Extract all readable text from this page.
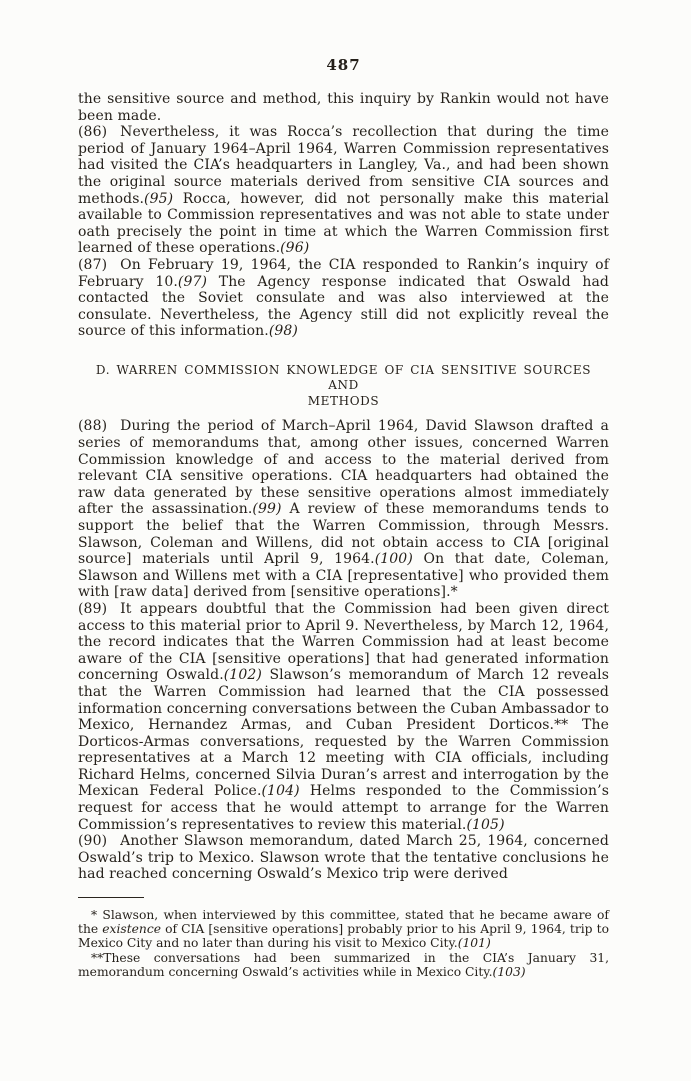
487

the sensitive source and method, this inquiry by Rankin would not have been made.

(86) Nevertheless, it was Rocca’s recollection that during the time period of January 1964–April 1964, Warren Commission representatives had visited the CIA’s headquarters in Langley, Va., and had been shown the original source materials derived from sensitive CIA sources and methods.(95) Rocca, however, did not personally make this material available to Commission representatives and was not able to state under oath precisely the point in time at which the Warren Commission first learned of these operations.(96)

(87) On February 19, 1964, the CIA responded to Rankin’s inquiry of February 10.(97) The Agency response indicated that Oswald had contacted the Soviet consulate and was also interviewed at the consulate. Nevertheless, the Agency still did not explicitly reveal the source of this information.(98)

D. WARREN COMMISSION KNOWLEDGE OF CIA SENSITIVE SOURCES AND
METHODS

(88) During the period of March–April 1964, David Slawson drafted a series of memorandums that, among other issues, concerned Warren Commission knowledge of and access to the material derived from relevant CIA sensitive operations. CIA headquarters had obtained the raw data generated by these sensitive operations almost immediately after the assassination.(99) A review of these memorandums tends to support the belief that the Warren Commission, through Messrs. Slawson, Coleman and Willens, did not obtain access to CIA [original source] materials until April 9, 1964.(100) On that date, Coleman, Slawson and Willens met with a CIA [representative] who provided them with [raw data] derived from [sensitive operations].*

(89) It appears doubtful that the Commission had been given direct access to this material prior to April 9. Nevertheless, by March 12, 1964, the record indicates that the Warren Commission had at least become aware of the CIA [sensitive operations] that had generated information concerning Oswald.(102) Slawson’s memorandum of March 12 reveals that the Warren Commission had learned that the CIA possessed information concerning conversations between the Cuban Ambassador to Mexico, Hernandez Armas, and Cuban President Dorticos.** The Dorticos-Armas conversations, requested by the Warren Commission representatives at a March 12 meeting with CIA officials, including Richard Helms, concerned Silvia Duran’s arrest and interrogation by the Mexican Federal Police.(104) Helms responded to the Commission’s request for access that he would attempt to arrange for the Warren Commission’s representatives to review this material.(105)

(90) Another Slawson memorandum, dated March 25, 1964, concerned Oswald’s trip to Mexico. Slawson wrote that the tentative conclusions he had reached concerning Oswald’s Mexico trip were derived

* Slawson, when interviewed by this committee, stated that he became aware of the existence of CIA [sensitive operations] probably prior to his April 9, 1964, trip to Mexico City and no later than during his visit to Mexico City.(101)

**These conversations had been summarized in the CIA’s January 31, memorandum concerning Oswald’s activities while in Mexico City.(103)
